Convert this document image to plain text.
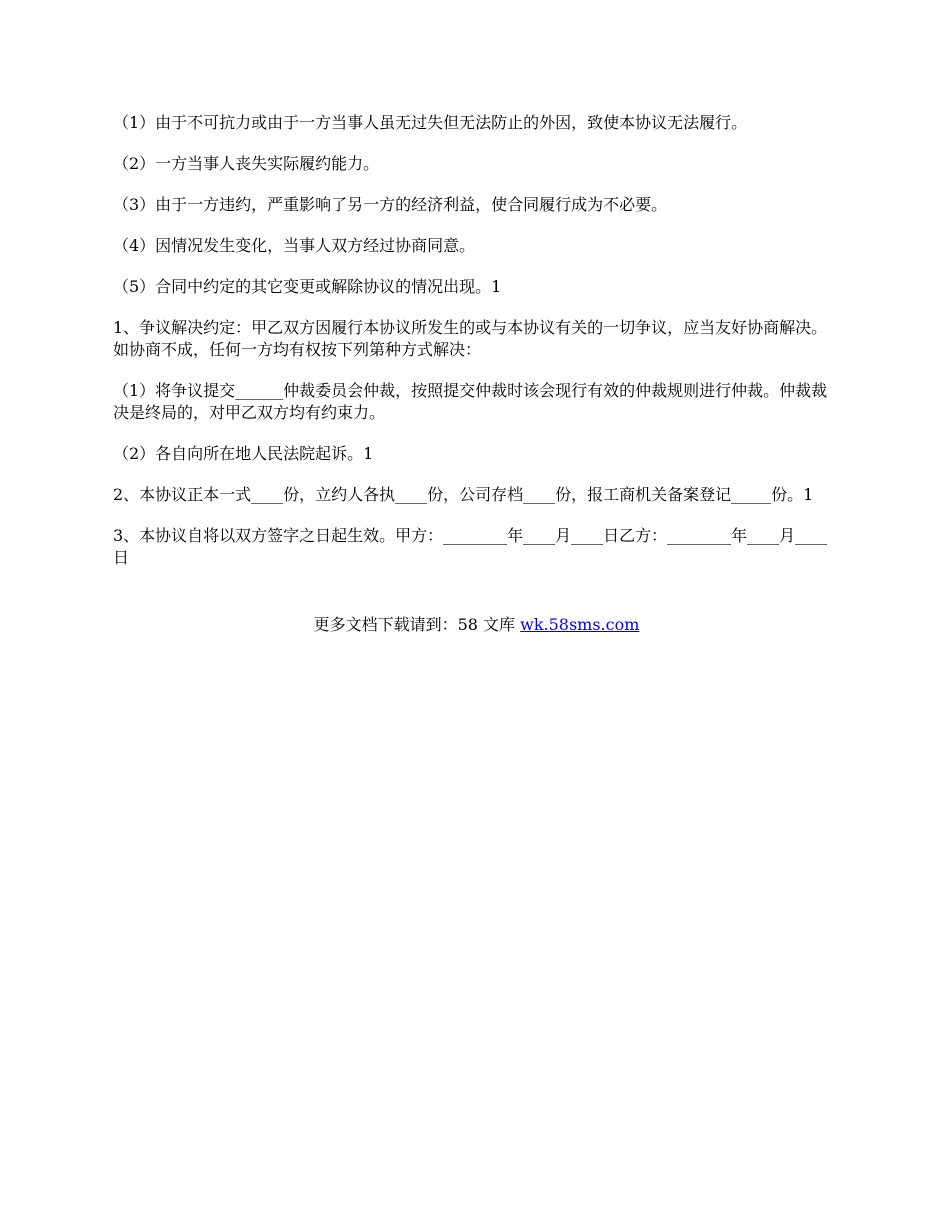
（1）由于不可抗力或由于一方当事人虽无过失但无法防止的外因，致使本协议无法履行。

（2）一方当事人丧失实际履约能力。

（3）由于一方违约，严重影响了另一方的经济利益，使合同履行成为不必要。

（4）因情况发生变化，当事人双方经过协商同意。

（5）合同中约定的其它变更或解除协议的情况出现。1

1、争议解决约定：甲乙双方因履行本协议所发生的或与本协议有关的一切争议，应当友好协商解决。如协商不成，任何一方均有权按下列第种方式解决：

（1）将争议提交______仲裁委员会仲裁，按照提交仲裁时该会现行有效的仲裁规则进行仲裁。仲裁裁决是终局的，对甲乙双方均有约束力。

（2）各自向所在地人民法院起诉。1

2、本协议正本一式____份，立约人各执____份，公司存档____份，报工商机关备案登记_____份。1

3、本协议自将以双方签字之日起生效。甲方：________年____月____日乙方：________年____月____日

更多文档下载请到：58 文库 wk.58sms.com
